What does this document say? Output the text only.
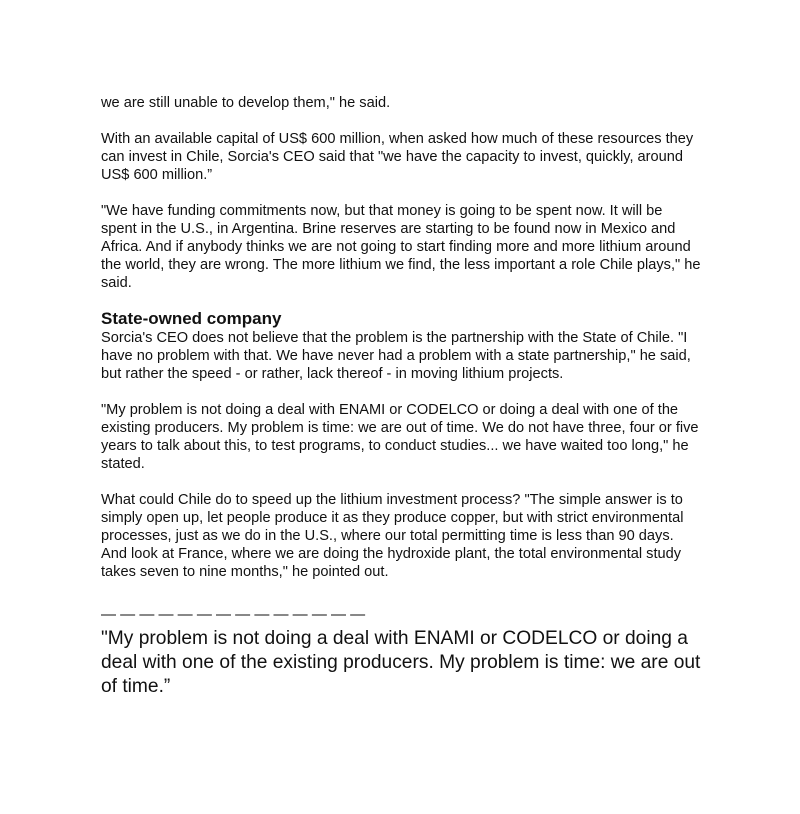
we are still unable to develop them," he said.

With an available capital of US$ 600 million, when asked how much of these resources they can invest in Chile, Sorcia's CEO said that "we have the capacity to invest, quickly, around US$ 600 million.”

"We have funding commitments now, but that money is going to be spent now. It will be spent in the U.S., in Argentina. Brine reserves are starting to be found now in Mexico and Africa. And if anybody thinks we are not going to start finding more and more lithium around the world, they are wrong. The more lithium we find, the less important a role Chile plays," he said.

State-owned company

Sorcia's CEO does not believe that the problem is the partnership with the State of Chile. "I have no problem with that. We have never had a problem with a state partnership," he said, but rather the speed - or rather, lack thereof - in moving lithium projects.

"My problem is not doing a deal with ENAMI or CODELCO or doing a deal with one of the existing producers. My problem is time: we are out of time. We do not have three, four or five years to talk about this, to test programs, to conduct studies... we have waited too long," he stated.

What could Chile do to speed up the lithium investment process? "The simple answer is to simply open up, let people produce it as they produce copper, but with strict environmental processes, just as we do in the U.S., where our total permitting time is less than 90 days. And look at France, where we are doing the hydroxide plant, the total environmental study takes seven to nine months," he pointed out.

— — — — — — — — — — — — — —

"My problem is not doing a deal with ENAMI or CODELCO or doing a deal with one of the existing producers. My problem is time: we are out of time.”
